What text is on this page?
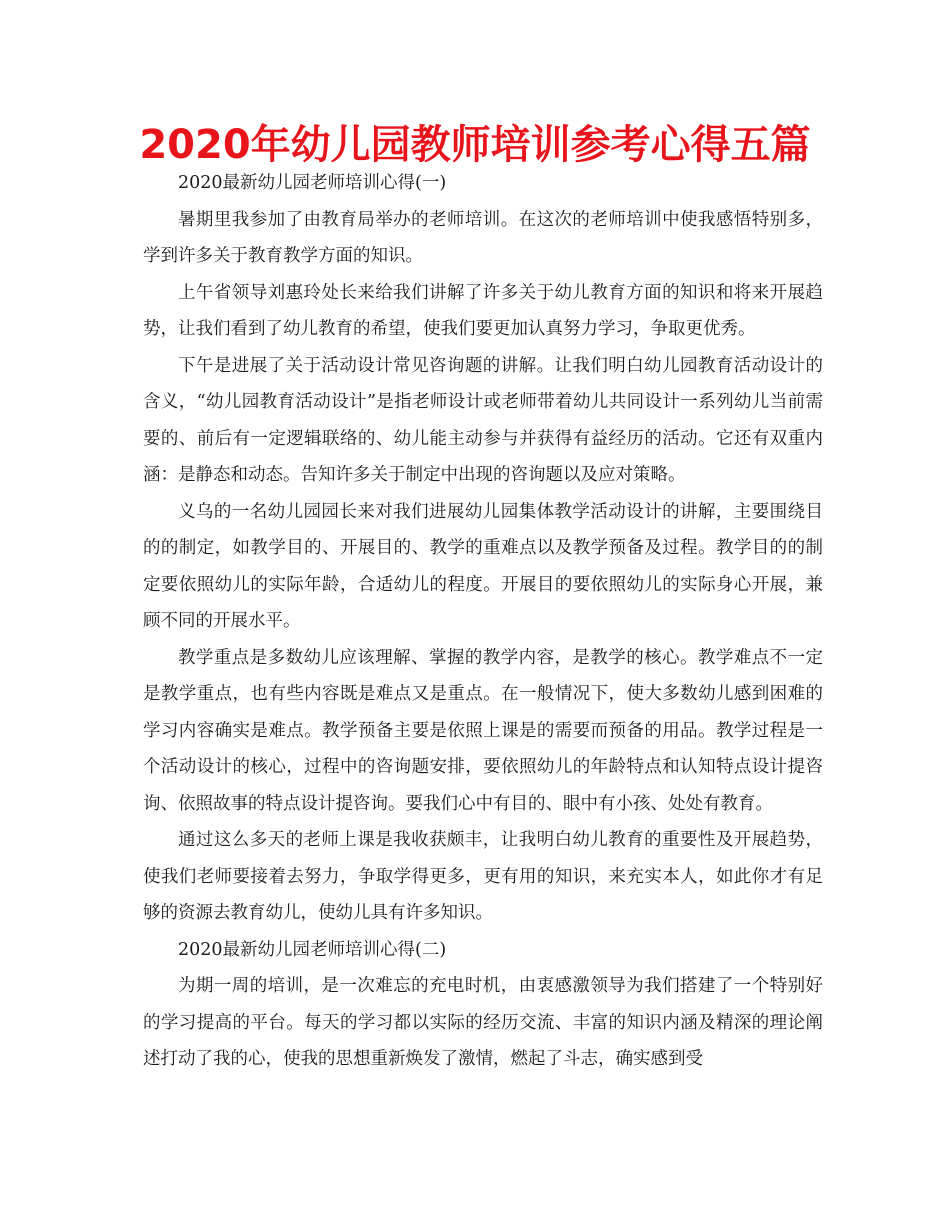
2020年幼儿园教师培训参考心得五篇

2020最新幼儿园老师培训心得(一)

暑期里我参加了由教育局举办的老师培训。在这次的老师培训中使我感悟特别多，学到许多关于教育教学方面的知识。

上午省领导刘惠玲处长来给我们讲解了许多关于幼儿教育方面的知识和将来开展趋势，让我们看到了幼儿教育的希望，使我们要更加认真努力学习，争取更优秀。

下午是进展了关于活动设计常见咨询题的讲解。让我们明白幼儿园教育活动设计的含义，“幼儿园教育活动设计”是指老师设计或老师带着幼儿共同设计一系列幼儿当前需要的、前后有一定逻辑联络的、幼儿能主动参与并获得有益经历的活动。它还有双重内涵：是静态和动态。告知许多关于制定中出现的咨询题以及应对策略。

义乌的一名幼儿园园长来对我们进展幼儿园集体教学活动设计的讲解，主要围绕目的的制定，如教学目的、开展目的、教学的重难点以及教学预备及过程。教学目的的制定要依照幼儿的实际年龄，合适幼儿的程度。开展目的要依照幼儿的实际身心开展，兼顾不同的开展水平。

教学重点是多数幼儿应该理解、掌握的教学内容，是教学的核心。教学难点不一定是教学重点，也有些内容既是难点又是重点。在一般情况下，使大多数幼儿感到困难的学习内容确实是难点。教学预备主要是依照上课是的需要而预备的用品。教学过程是一个活动设计的核心，过程中的咨询题安排，要依照幼儿的年龄特点和认知特点设计提咨询、依照故事的特点设计提咨询。要我们心中有目的、眼中有小孩、处处有教育。

通过这么多天的老师上课是我收获颇丰，让我明白幼儿教育的重要性及开展趋势，使我们老师要接着去努力，争取学得更多，更有用的知识，来充实本人，如此你才有足够的资源去教育幼儿，使幼儿具有许多知识。

2020最新幼儿园老师培训心得(二)

为期一周的培训，是一次难忘的充电时机，由衷感激领导为我们搭建了一个特别好的学习提高的平台。每天的学习都以实际的经历交流、丰富的知识内涵及精深的理论阐述打动了我的心，使我的思想重新焕发了激情，燃起了斗志，确实感到受
